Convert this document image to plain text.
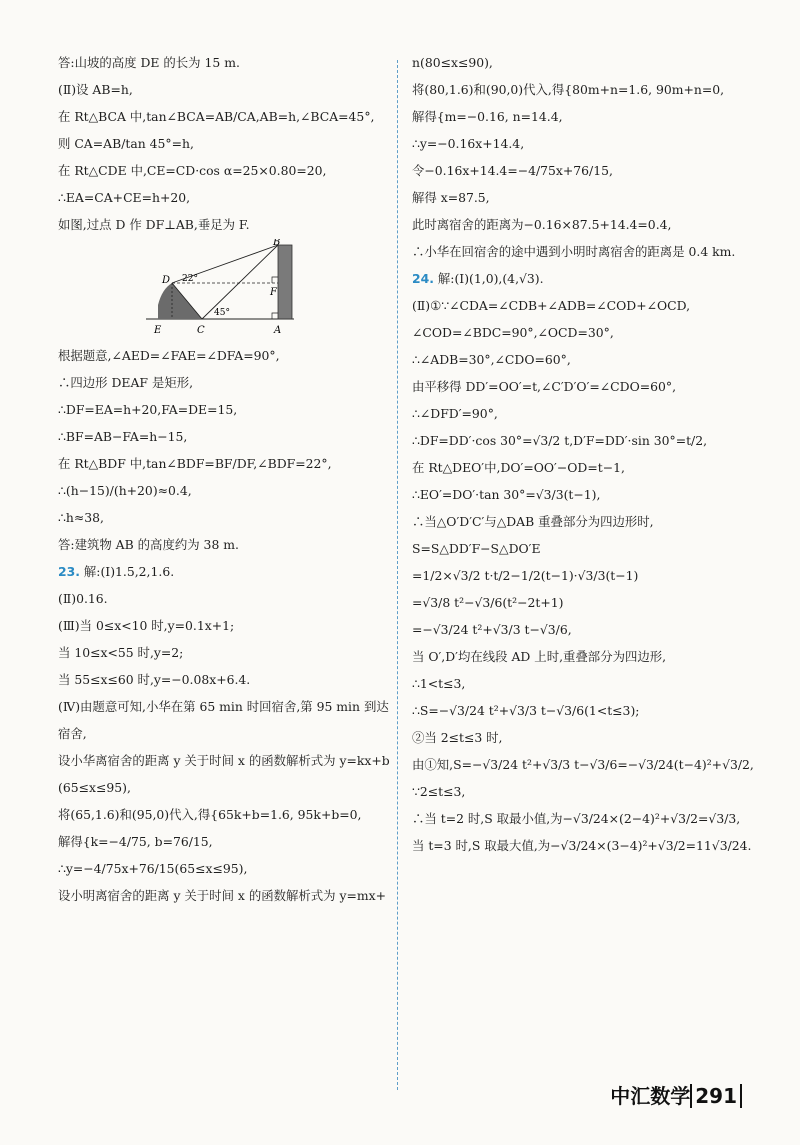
答:山坡的高度 DE 的长为 15 m.
(Ⅱ)设 AB=h,
在 Rt△BCA 中,tan∠BCA=AB/CA,AB=h,∠BCA=45°,
则 CA=AB/tan 45°=h,
在 Rt△CDE 中,CE=CD·cos α=25×0.80=20,
∴EA=CA+CE=h+20,
如图,过点 D 作 DF⊥AB,垂足为 F.
B
D
F
E	C	A
22°
45°
根据题意,∠AED=∠FAE=∠DFA=90°,
∴四边形 DEAF 是矩形,
∴DF=EA=h+20,FA=DE=15,
∴BF=AB−FA=h−15,
在 Rt△BDF 中,tan∠BDF=BF/DF,∠BDF=22°,
∴(h−15)/(h+20)≈0.4,
∴h≈38,
答:建筑物 AB 的高度约为 38 m.
23. 解:(Ⅰ)1.5,2,1.6.
(Ⅱ)0.16.
(Ⅲ)当 0≤x<10 时,y=0.1x+1;
当 10≤x<55 时,y=2;
当 55≤x≤60 时,y=−0.08x+6.4.
(Ⅳ)由题意可知,小华在第 65 min 时回宿舍,第 95 min 到达
宿舍,
设小华离宿舍的距离 y 关于时间 x 的函数解析式为 y=kx+b
(65≤x≤95),
将(65,1.6)和(95,0)代入,得{65k+b=1.6, 95k+b=0,
解得{k=−4/75, b=76/15,
∴y=−4/75x+76/15(65≤x≤95),
设小明离宿舍的距离 y 关于时间 x 的函数解析式为 y=mx+
n(80≤x≤90),
将(80,1.6)和(90,0)代入,得{80m+n=1.6, 90m+n=0,
解得{m=−0.16, n=14.4,
∴y=−0.16x+14.4,
令−0.16x+14.4=−4/75x+76/15,
解得 x=87.5,
此时离宿舍的距离为−0.16×87.5+14.4=0.4,
∴小华在回宿舍的途中遇到小明时离宿舍的距离是 0.4 km.
24. 解:(Ⅰ)(1,0),(4,√3).
(Ⅱ)①∵∠CDA=∠CDB+∠ADB=∠COD+∠OCD,
∠COD=∠BDC=90°,∠OCD=30°,
∴∠ADB=30°,∠CDO=60°,
由平移得 DD′=OO′=t,∠C′D′O′=∠CDO=60°,
∴∠DFD′=90°,
∴DF=DD′·cos 30°=√3/2 t,D′F=DD′·sin 30°=t/2,
在 Rt△DEO′中,DO′=OO′−OD=t−1,
∴EO′=DO′·tan 30°=√3/3(t−1),
∴当△O′D′C′与△DAB 重叠部分为四边形时,
S=S△DD′F−S△DO′E
=1/2×√3/2 t·t/2−1/2(t−1)·√3/3(t−1)
=√3/8 t²−√3/6(t²−2t+1)
=−√3/24 t²+√3/3 t−√3/6,
当 O′,D′均在线段 AD 上时,重叠部分为四边形,
∴1<t≤3,
∴S=−√3/24 t²+√3/3 t−√3/6(1<t≤3);
②当 2≤t≤3 时,
由①知,S=−√3/24 t²+√3/3 t−√3/6=−√3/24(t−4)²+√3/2,
∵2≤t≤3,
∴当 t=2 时,S 取最小值,为−√3/24×(2−4)²+√3/2=√3/3,
当 t=3 时,S 取最大值,为−√3/24×(3−4)²+√3/2=11√3/24.
中汇数学 291
